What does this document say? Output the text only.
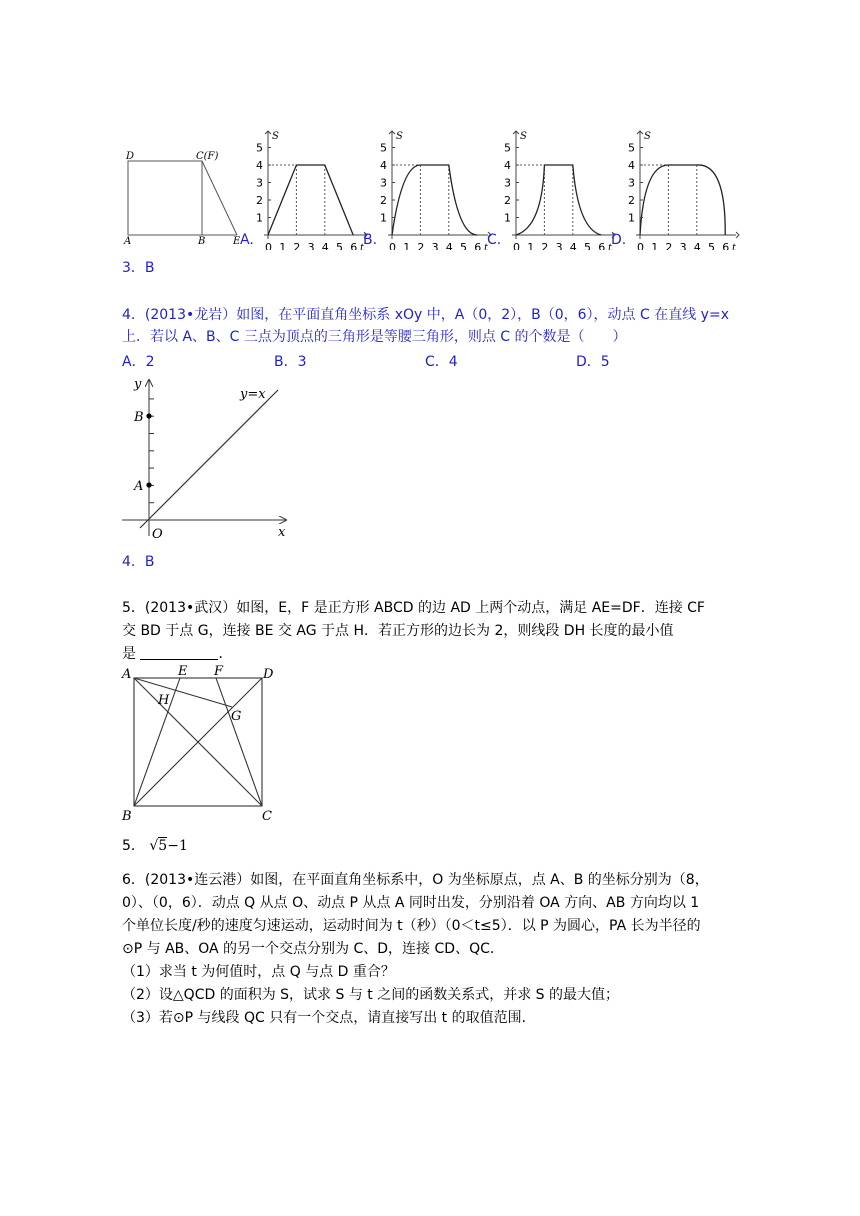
D	C(F)
A	B	E
1
2
3
4
5
0 1 2 3 4 5 6
S
t
1
2
3
4
5
0 1 2 3 4 5 6
S
t
1
2
3
4
5
0 1 2 3 4 5 6
S
t
1
2
3
4
5
0 1 2 3 4 5 6
S
t
A.	B.	C.	D.
3．B
4．(2013•龙岩）如图，在平面直角坐标系 xOy 中，A（0，2），B（0，6），动点 C 在直线 y=x
上．若以 A、B、C 三点为顶点的三角形是等腰三角形，则点 C 的个数是（　　）
A．2	B．3	C．4	D．5
y
x
O
A
B
y=x
4．B
5．(2013•武汉）如图，E，F 是正方形 ABCD 的边 AD 上两个动点，满足 AE=DF．连接 CF
交 BD 于点 G，连接 BE 交 AG 于点 H．若正方形的边长为 2，则线段 DH 长度的最小值
是	．
A	E F	D
H
G
B	C
5． √5−1
6．(2013•连云港）如图，在平面直角坐标系中，O 为坐标原点，点 A、B 的坐标分别为（8，
0）、（0，6）．动点 Q 从点 O、动点 P 从点 A 同时出发，分别沿着 OA 方向、AB 方向均以 1
个单位长度/秒的速度匀速运动，运动时间为 t（秒）（0＜t≤5）．以 P 为圆心，PA 长为半径的
⊙P 与 AB、OA 的另一个交点分别为 C、D，连接 CD、QC．
（1）求当 t 为何值时，点 Q 与点 D 重合？
（2）设△QCD 的面积为 S，试求 S 与 t 之间的函数关系式，并求 S 的最大值；
（3）若⊙P 与线段 QC 只有一个交点，请直接写出 t 的取值范围．
